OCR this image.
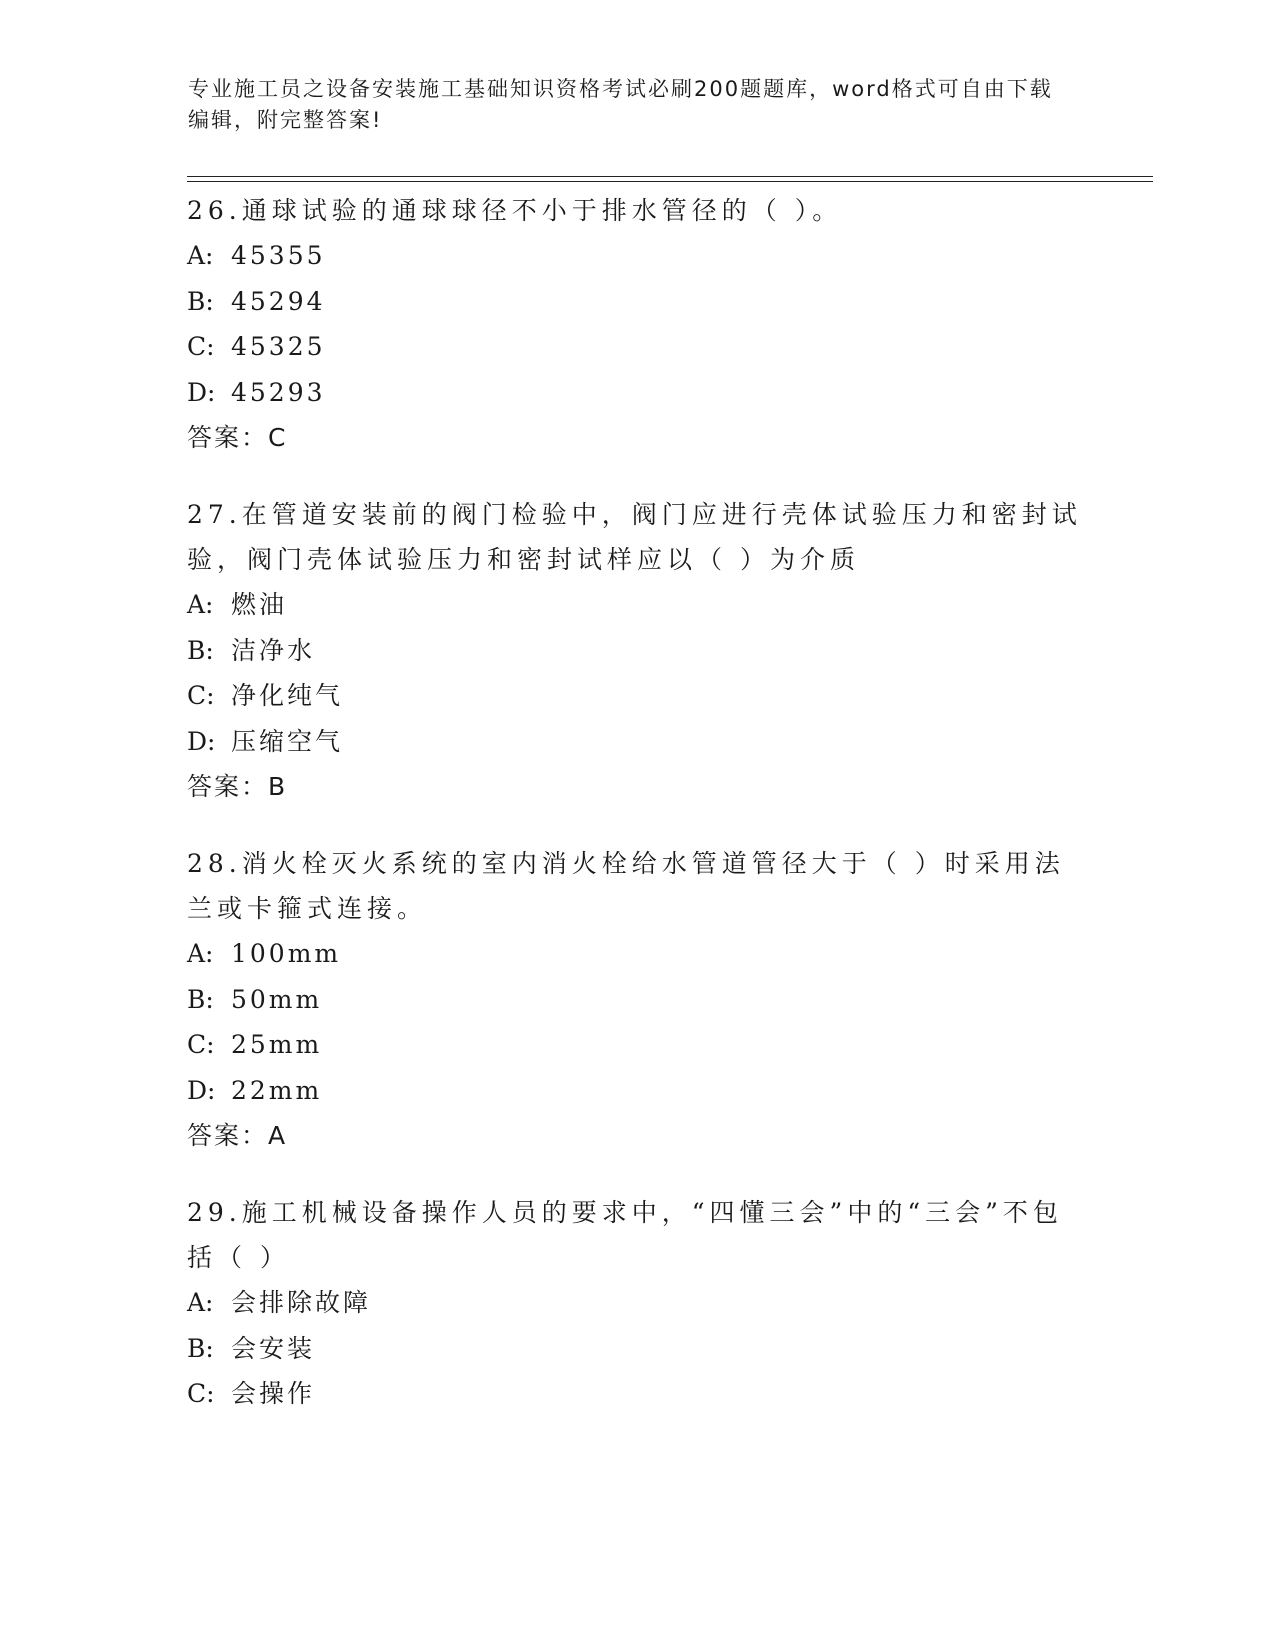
专业施工员之设备安装施工基础知识资格考试必刷200题题库，word格式可自由下载编辑，附完整答案!
26.通球试验的通球球径不小于排水管径的（ ）。
A: 45355
B: 45294
C: 45325
D: 45293
答案：C
27.在管道安装前的阀门检验中，阀门应进行壳体试验压力和密封试验，阀门壳体试验压力和密封试样应以（ ）为介质
A: 燃油
B: 洁净水
C: 净化纯气
D: 压缩空气
答案：B
28.消火栓灭火系统的室内消火栓给水管道管径大于（ ）时采用法兰或卡箍式连接。
A: 100mm
B: 50mm
C: 25mm
D: 22mm
答案：A
29.施工机械设备操作人员的要求中，“四懂三会”中的“三会”不包括（ ）
A: 会排除故障
B: 会安装
C: 会操作
